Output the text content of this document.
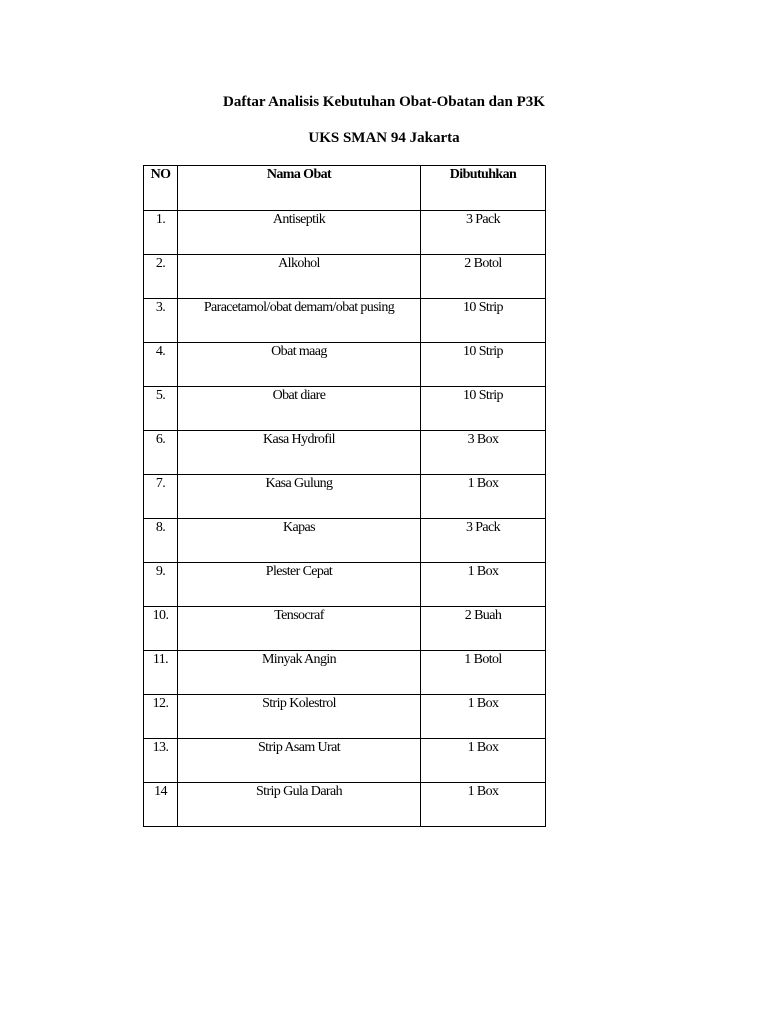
Daftar Analisis Kebutuhan Obat-Obatan dan P3K
UKS SMAN 94 Jakarta
NO	Nama Obat	Dibutuhkan
1.	Antiseptik	3 Pack
2.	Alkohol	2 Botol
3.	Paracetamol/obat demam/obat pusing	10 Strip
4.	Obat maag	10 Strip
5.	Obat diare	10 Strip
6.	Kasa Hydrofil	3 Box
7.	Kasa Gulung	1 Box
8.	Kapas	3 Pack
9.	Plester Cepat	1 Box
10.	Tensocraf	2 Buah
11.	Minyak Angin	1 Botol
12.	Strip Kolestrol	1 Box
13.	Strip Asam Urat	1 Box
14	Strip Gula Darah	1 Box
